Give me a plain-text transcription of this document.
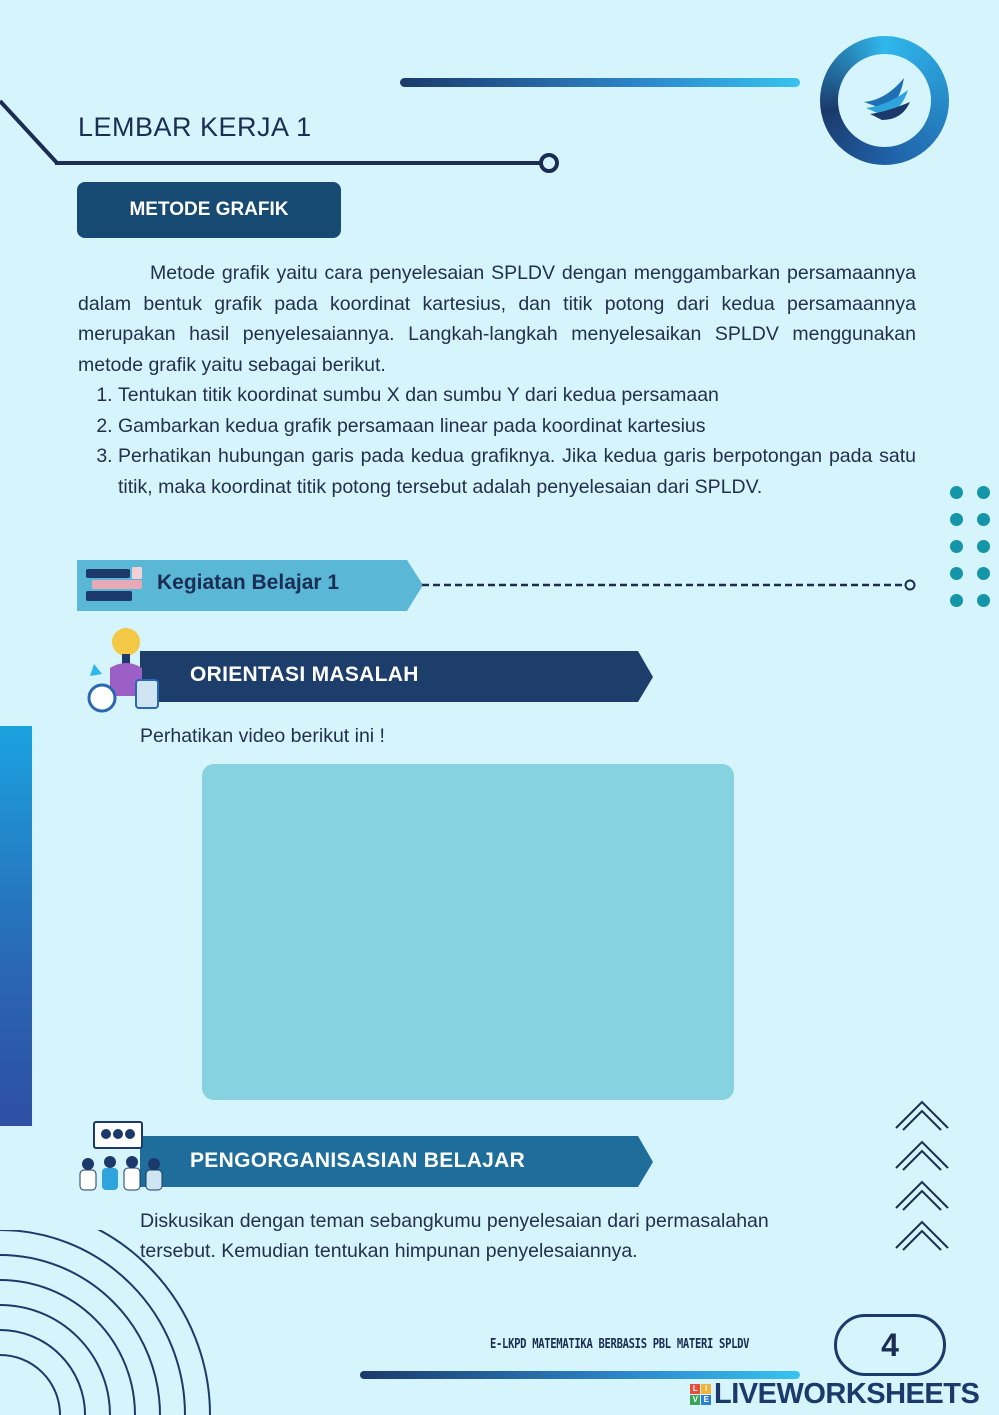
LEMBAR KERJA 1
METODE GRAFIK

Metode grafik yaitu cara penyelesaian SPLDV dengan menggambarkan persamaannya dalam bentuk grafik pada koordinat kartesius, dan titik potong dari kedua persamaannya merupakan hasil penyelesaiannya. Langkah-langkah menyelesaikan SPLDV menggunakan metode grafik yaitu sebagai berikut.

1. Tentukan titik koordinat sumbu X dan sumbu Y dari kedua persamaan
2. Gambarkan kedua grafik persamaan linear pada koordinat kartesius
3. Perhatikan hubungan garis pada kedua grafiknya. Jika kedua garis berpotongan pada satu titik, maka koordinat titik potong tersebut adalah penyelesaian dari SPLDV.
Kegiatan Belajar 1
ORIENTASI MASALAH
Perhatikan video berikut ini !
PENGORGANISASIAN BELAJAR
Diskusikan dengan teman sebangkumu penyelesaian dari permasalahan
tersebut. Kemudian tentukan himpunan penyelesaiannya.
E-LKPD MATEMATIKA BERBASIS PBL MATERI SPLDV	4
L I
V E LIVEWORKSHEETS
